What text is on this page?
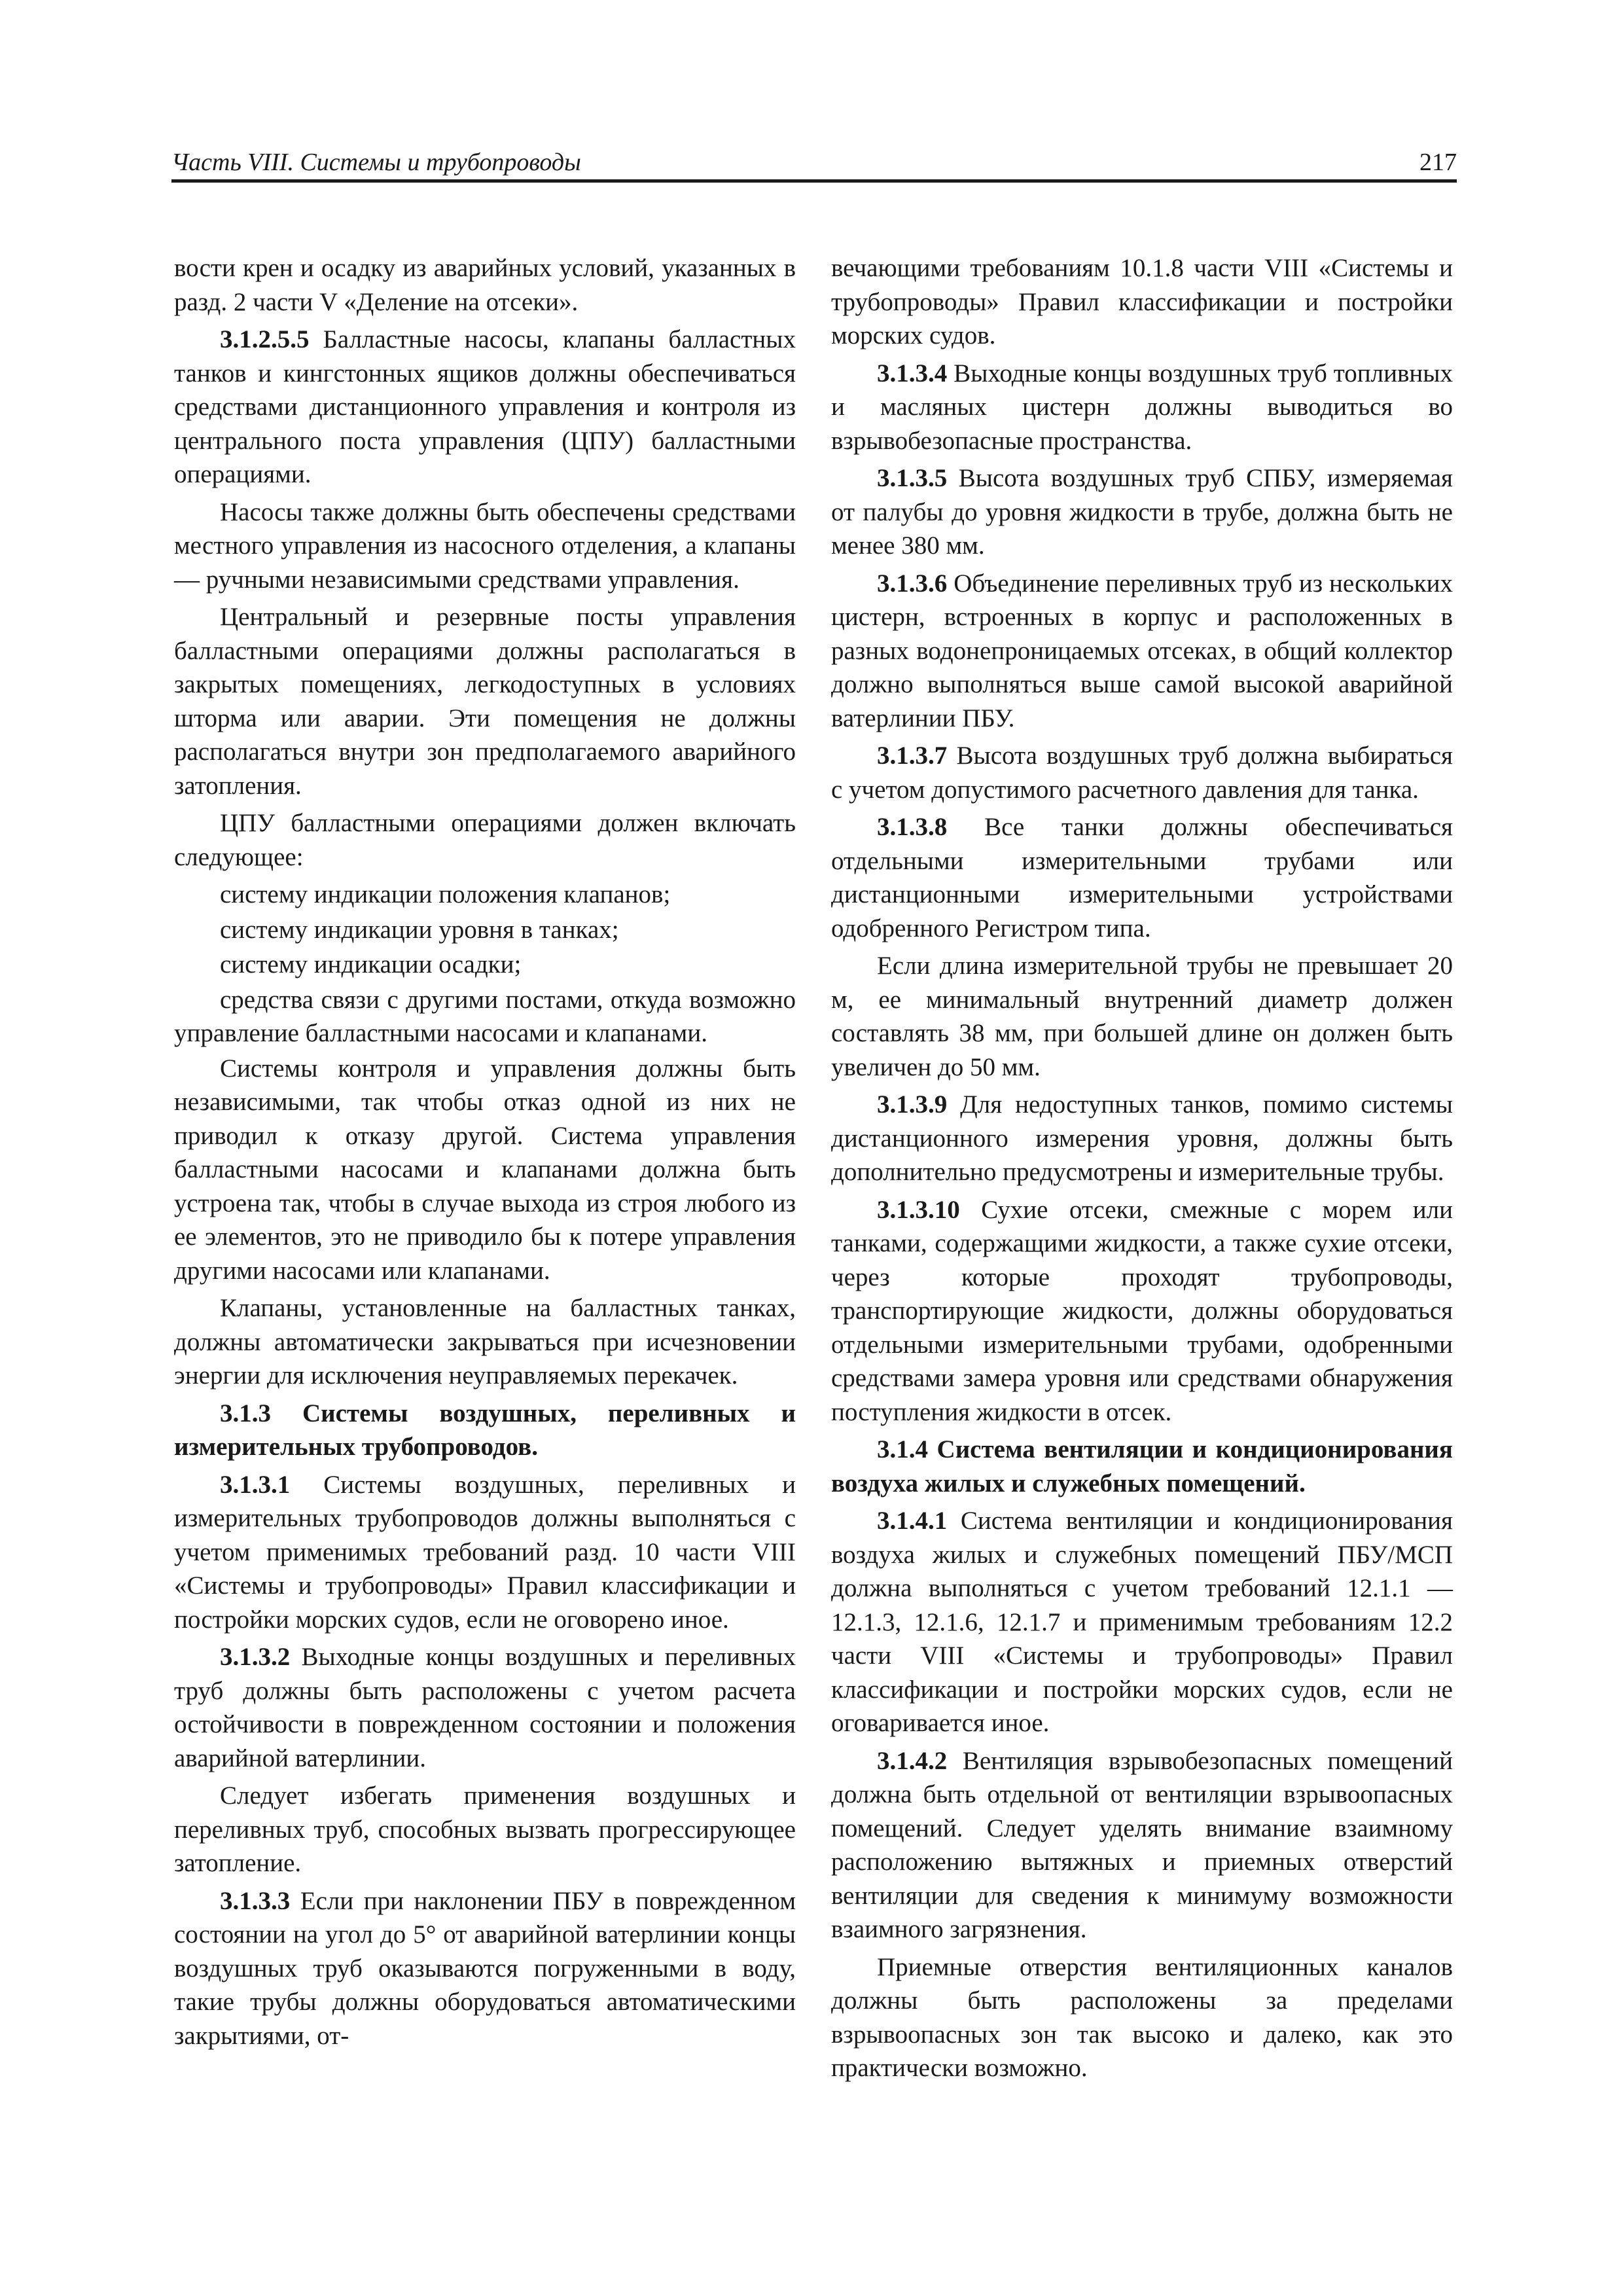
Часть VIII. Системы и трубопроводы	217

вости крен и осадку из аварийных условий, указанных в разд. 2 части V «Деление на отсеки».

3.1.2.5.5 Балластные насосы, клапаны балластных танков и кингстонных ящиков должны обеспечиваться средствами дистанционного управления и контроля из центрального поста управления (ЦПУ) балластными операциями.

Насосы также должны быть обеспечены средствами местного управления из насосного отделения, а клапаны — ручными независимыми средствами управления.

Центральный и резервные посты управления балластными операциями должны располагаться в закрытых помещениях, легкодоступных в условиях шторма или аварии. Эти помещения не должны располагаться внутри зон предполагаемого аварийного затопления.

ЦПУ балластными операциями должен включать следующее:

систему индикации положения клапанов;

систему индикации уровня в танках;

систему индикации осадки;

средства связи с другими постами, откуда возможно управление балластными насосами и клапанами.

Системы контроля и управления должны быть независимыми, так чтобы отказ одной из них не приводил к отказу другой. Система управления балластными насосами и клапанами должна быть устроена так, чтобы в случае выхода из строя любого из ее элементов, это не приводило бы к потере управления другими насосами или клапанами.

Клапаны, установленные на балластных танках, должны автоматически закрываться при исчезновении энергии для исключения неуправляемых перекачек.

3.1.3 Системы воздушных, переливных и измерительных трубопроводов.

3.1.3.1 Системы воздушных, переливных и измерительных трубопроводов должны выполняться с учетом применимых требований разд. 10 части VIII «Системы и трубопроводы» Правил классификации и постройки морских судов, если не оговорено иное.

3.1.3.2 Выходные концы воздушных и переливных труб должны быть расположены с учетом расчета остойчивости в поврежденном состоянии и положения аварийной ватерлинии.

Следует избегать применения воздушных и переливных труб, способных вызвать прогрессирующее затопление.

3.1.3.3 Если при наклонении ПБУ в поврежденном состоянии на угол до 5° от аварийной ватерлинии концы воздушных труб оказываются погруженными в воду, такие трубы должны оборудоваться автоматическими закрытиями, от-

вечающими требованиям 10.1.8 части VIII «Системы и трубопроводы» Правил классификации и постройки морских судов.

3.1.3.4 Выходные концы воздушных труб топливных и масляных цистерн должны выводиться во взрывобезопасные пространства.

3.1.3.5 Высота воздушных труб СПБУ, измеряемая от палубы до уровня жидкости в трубе, должна быть не менее 380 мм.

3.1.3.6 Объединение переливных труб из нескольких цистерн, встроенных в корпус и расположенных в разных водонепроницаемых отсеках, в общий коллектор должно выполняться выше самой высокой аварийной ватерлинии ПБУ.

3.1.3.7 Высота воздушных труб должна выбираться с учетом допустимого расчетного давления для танка.

3.1.3.8 Все танки должны обеспечиваться отдельными измерительными трубами или дистанционными измерительными устройствами одобренного Регистром типа.

Если длина измерительной трубы не превышает 20 м, ее минимальный внутренний диаметр должен составлять 38 мм, при большей длине он должен быть увеличен до 50 мм.

3.1.3.9 Для недоступных танков, помимо системы дистанционного измерения уровня, должны быть дополнительно предусмотрены и измерительные трубы.

3.1.3.10 Сухие отсеки, смежные с морем или танками, содержащими жидкости, а также сухие отсеки, через которые проходят трубопроводы, транспортирующие жидкости, должны оборудоваться отдельными измерительными трубами, одобренными средствами замера уровня или средствами обнаружения поступления жидкости в отсек.

3.1.4 Система вентиляции и кондиционирования воздуха жилых и служебных помещений.

3.1.4.1 Система вентиляции и кондиционирования воздуха жилых и служебных помещений ПБУ/МСП должна выполняться с учетом требований 12.1.1 — 12.1.3, 12.1.6, 12.1.7 и применимым требованиям 12.2 части VIII «Системы и трубопроводы» Правил классификации и постройки морских судов, если не оговаривается иное.

3.1.4.2 Вентиляция взрывобезопасных помещений должна быть отдельной от вентиляции взрывоопасных помещений. Следует уделять внимание взаимному расположению вытяжных и приемных отверстий вентиляции для сведения к минимуму возможности взаимного загрязнения.

Приемные отверстия вентиляционных каналов должны быть расположены за пределами взрывоопасных зон так высоко и далеко, как это практически возможно.
